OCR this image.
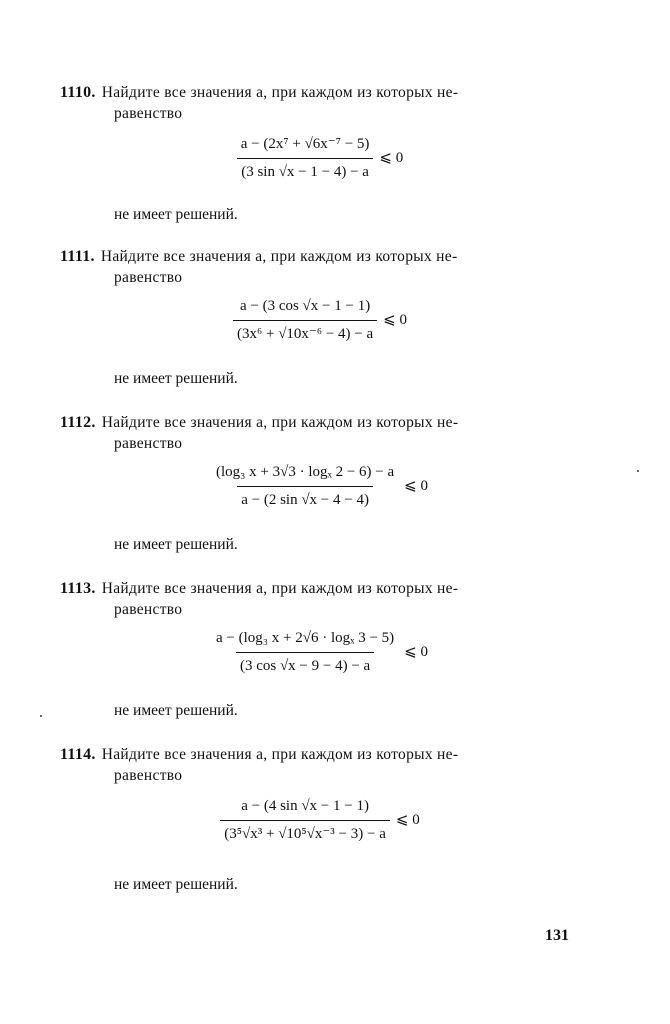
1110. Найдите все значения a, при каждом из которых не-
равенство
$\frac{\text{a − (2x⁷ + √6x⁻⁷ − 5)}}{(3 \sin √x - 1 - 4) - a}$ ⩽ 0
не имеет решений.
1111. Найдите все значения a, при каждом из которых не-
равенство
$\frac{a - (3 \cos √x - 1 - 1)}{\text{(3x⁶ + √10x⁻⁶ − 4) − a}}$ ⩽ 0
не имеет решений.
1112. Найдите все значения a, при каждом из которых не-
равенство
$\frac{\text{(log₃ x + 3√3 · logₓ 2 − 6) − a}}{a - (2 \sin √x - 4 - 4)}$ ⩽ 0
не имеет решений.
1113. Найдите все значения a, при каждом из которых не-
равенство
$\frac{\text{a − (log₃ x + 2√6 · logₓ 3 − 5)}}{(3 \cos √x - 9 - 4) - a}$ ⩽ 0
не имеет решений.
1114. Найдите все значения a, при каждом из которых не-
равенство
$\frac{a - (4 \sin √x - 1 - 1)}{\text{(3⁵√x³ + √10⁵√x⁻³ − 3) − a}}$ ⩽ 0
не имеет решений.
131
